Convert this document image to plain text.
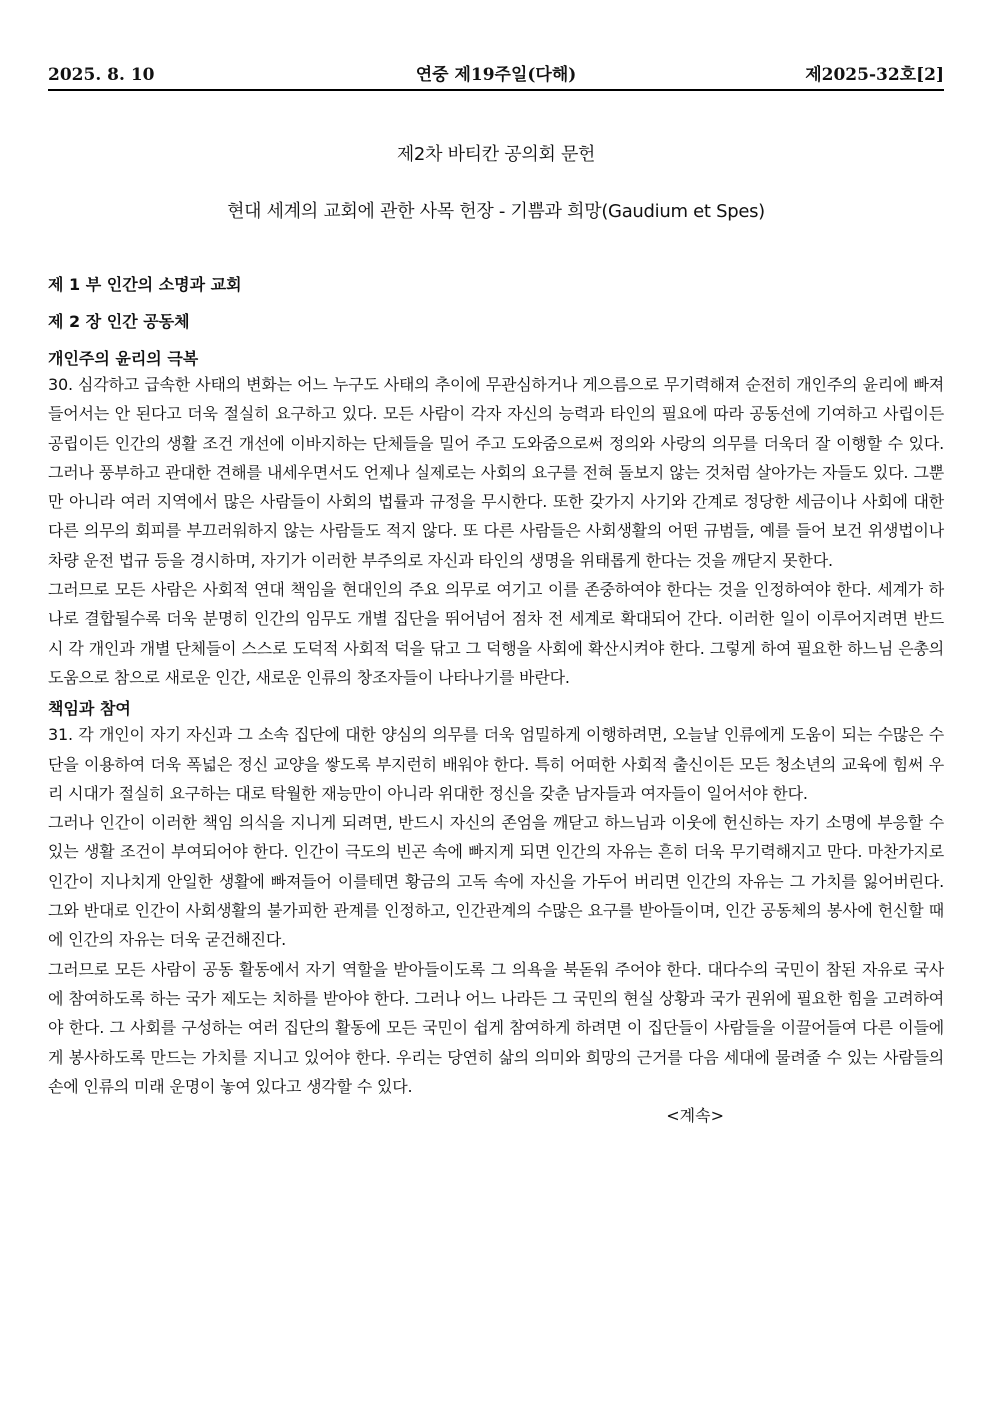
2025. 8. 10	연중 제19주일(다해)	제2025-32호[2]
제2차 바티칸 공의회 문헌
현대 세계의 교회에 관한 사목 헌장 - 기쁨과 희망(Gaudium et Spes)
제 1 부 인간의 소명과 교회
제 2 장 인간 공동체
개인주의 윤리의 극복

30. 심각하고 급속한 사태의 변화는 어느 누구도 사태의 추이에 무관심하거나 게으름으로 무기력해져 순전히 개인주의 윤리에 빠져들어서는 안 된다고 더욱 절실히 요구하고 있다. 모든 사람이 각자 자신의 능력과 타인의 필요에 따라 공동선에 기여하고 사립이든 공립이든 인간의 생활 조건 개선에 이바지하는 단체들을 밀어 주고 도와줌으로써 정의와 사랑의 의무를 더욱더 잘 이행할 수 있다. 그러나 풍부하고 관대한 견해를 내세우면서도 언제나 실제로는 사회의 요구를 전혀 돌보지 않는 것처럼 살아가는 자들도 있다. 그뿐만 아니라 여러 지역에서 많은 사람들이 사회의 법률과 규정을 무시한다. 또한 갖가지 사기와 간계로 정당한 세금이나 사회에 대한 다른 의무의 회피를 부끄러워하지 않는 사람들도 적지 않다. 또 다른 사람들은 사회생활의 어떤 규범들, 예를 들어 보건 위생법이나 차량 운전 법규 등을 경시하며, 자기가 이러한 부주의로 자신과 타인의 생명을 위태롭게 한다는 것을 깨닫지 못한다.

그러므로 모든 사람은 사회적 연대 책임을 현대인의 주요 의무로 여기고 이를 존중하여야 한다는 것을 인정하여야 한다. 세계가 하나로 결합될수록 더욱 분명히 인간의 임무도 개별 집단을 뛰어넘어 점차 전 세계로 확대되어 간다. 이러한 일이 이루어지려면 반드시 각 개인과 개별 단체들이 스스로 도덕적 사회적 덕을 닦고 그 덕행을 사회에 확산시켜야 한다. 그렇게 하여 필요한 하느님 은총의 도움으로 참으로 새로운 인간, 새로운 인류의 창조자들이 나타나기를 바란다.

책임과 참여

31. 각 개인이 자기 자신과 그 소속 집단에 대한 양심의 의무를 더욱 엄밀하게 이행하려면, 오늘날 인류에게 도움이 되는 수많은 수단을 이용하여 더욱 폭넓은 정신 교양을 쌓도록 부지런히 배워야 한다. 특히 어떠한 사회적 출신이든 모든 청소년의 교육에 힘써 우리 시대가 절실히 요구하는 대로 탁월한 재능만이 아니라 위대한 정신을 갖춘 남자들과 여자들이 일어서야 한다.

그러나 인간이 이러한 책임 의식을 지니게 되려면, 반드시 자신의 존엄을 깨닫고 하느님과 이웃에 헌신하는 자기 소명에 부응할 수 있는 생활 조건이 부여되어야 한다. 인간이 극도의 빈곤 속에 빠지게 되면 인간의 자유는 흔히 더욱 무기력해지고 만다. 마찬가지로 인간이 지나치게 안일한 생활에 빠져들어 이를테면 황금의 고독 속에 자신을 가두어 버리면 인간의 자유는 그 가치를 잃어버린다. 그와 반대로 인간이 사회생활의 불가피한 관계를 인정하고, 인간관계의 수많은 요구를 받아들이며, 인간 공동체의 봉사에 헌신할 때에 인간의 자유는 더욱 굳건해진다.

그러므로 모든 사람이 공동 활동에서 자기 역할을 받아들이도록 그 의욕을 북돋워 주어야 한다. 대다수의 국민이 참된 자유로 국사에 참여하도록 하는 국가 제도는 치하를 받아야 한다. 그러나 어느 나라든 그 국민의 현실 상황과 국가 권위에 필요한 힘을 고려하여야 한다. 그 사회를 구성하는 여러 집단의 활동에 모든 국민이 쉽게 참여하게 하려면 이 집단들이 사람들을 이끌어들여 다른 이들에게 봉사하도록 만드는 가치를 지니고 있어야 한다. 우리는 당연히 삶의 의미와 희망의 근거를 다음 세대에 물려줄 수 있는 사람들의 손에 인류의 미래 운명이 놓여 있다고 생각할 수 있다.

<계속>
